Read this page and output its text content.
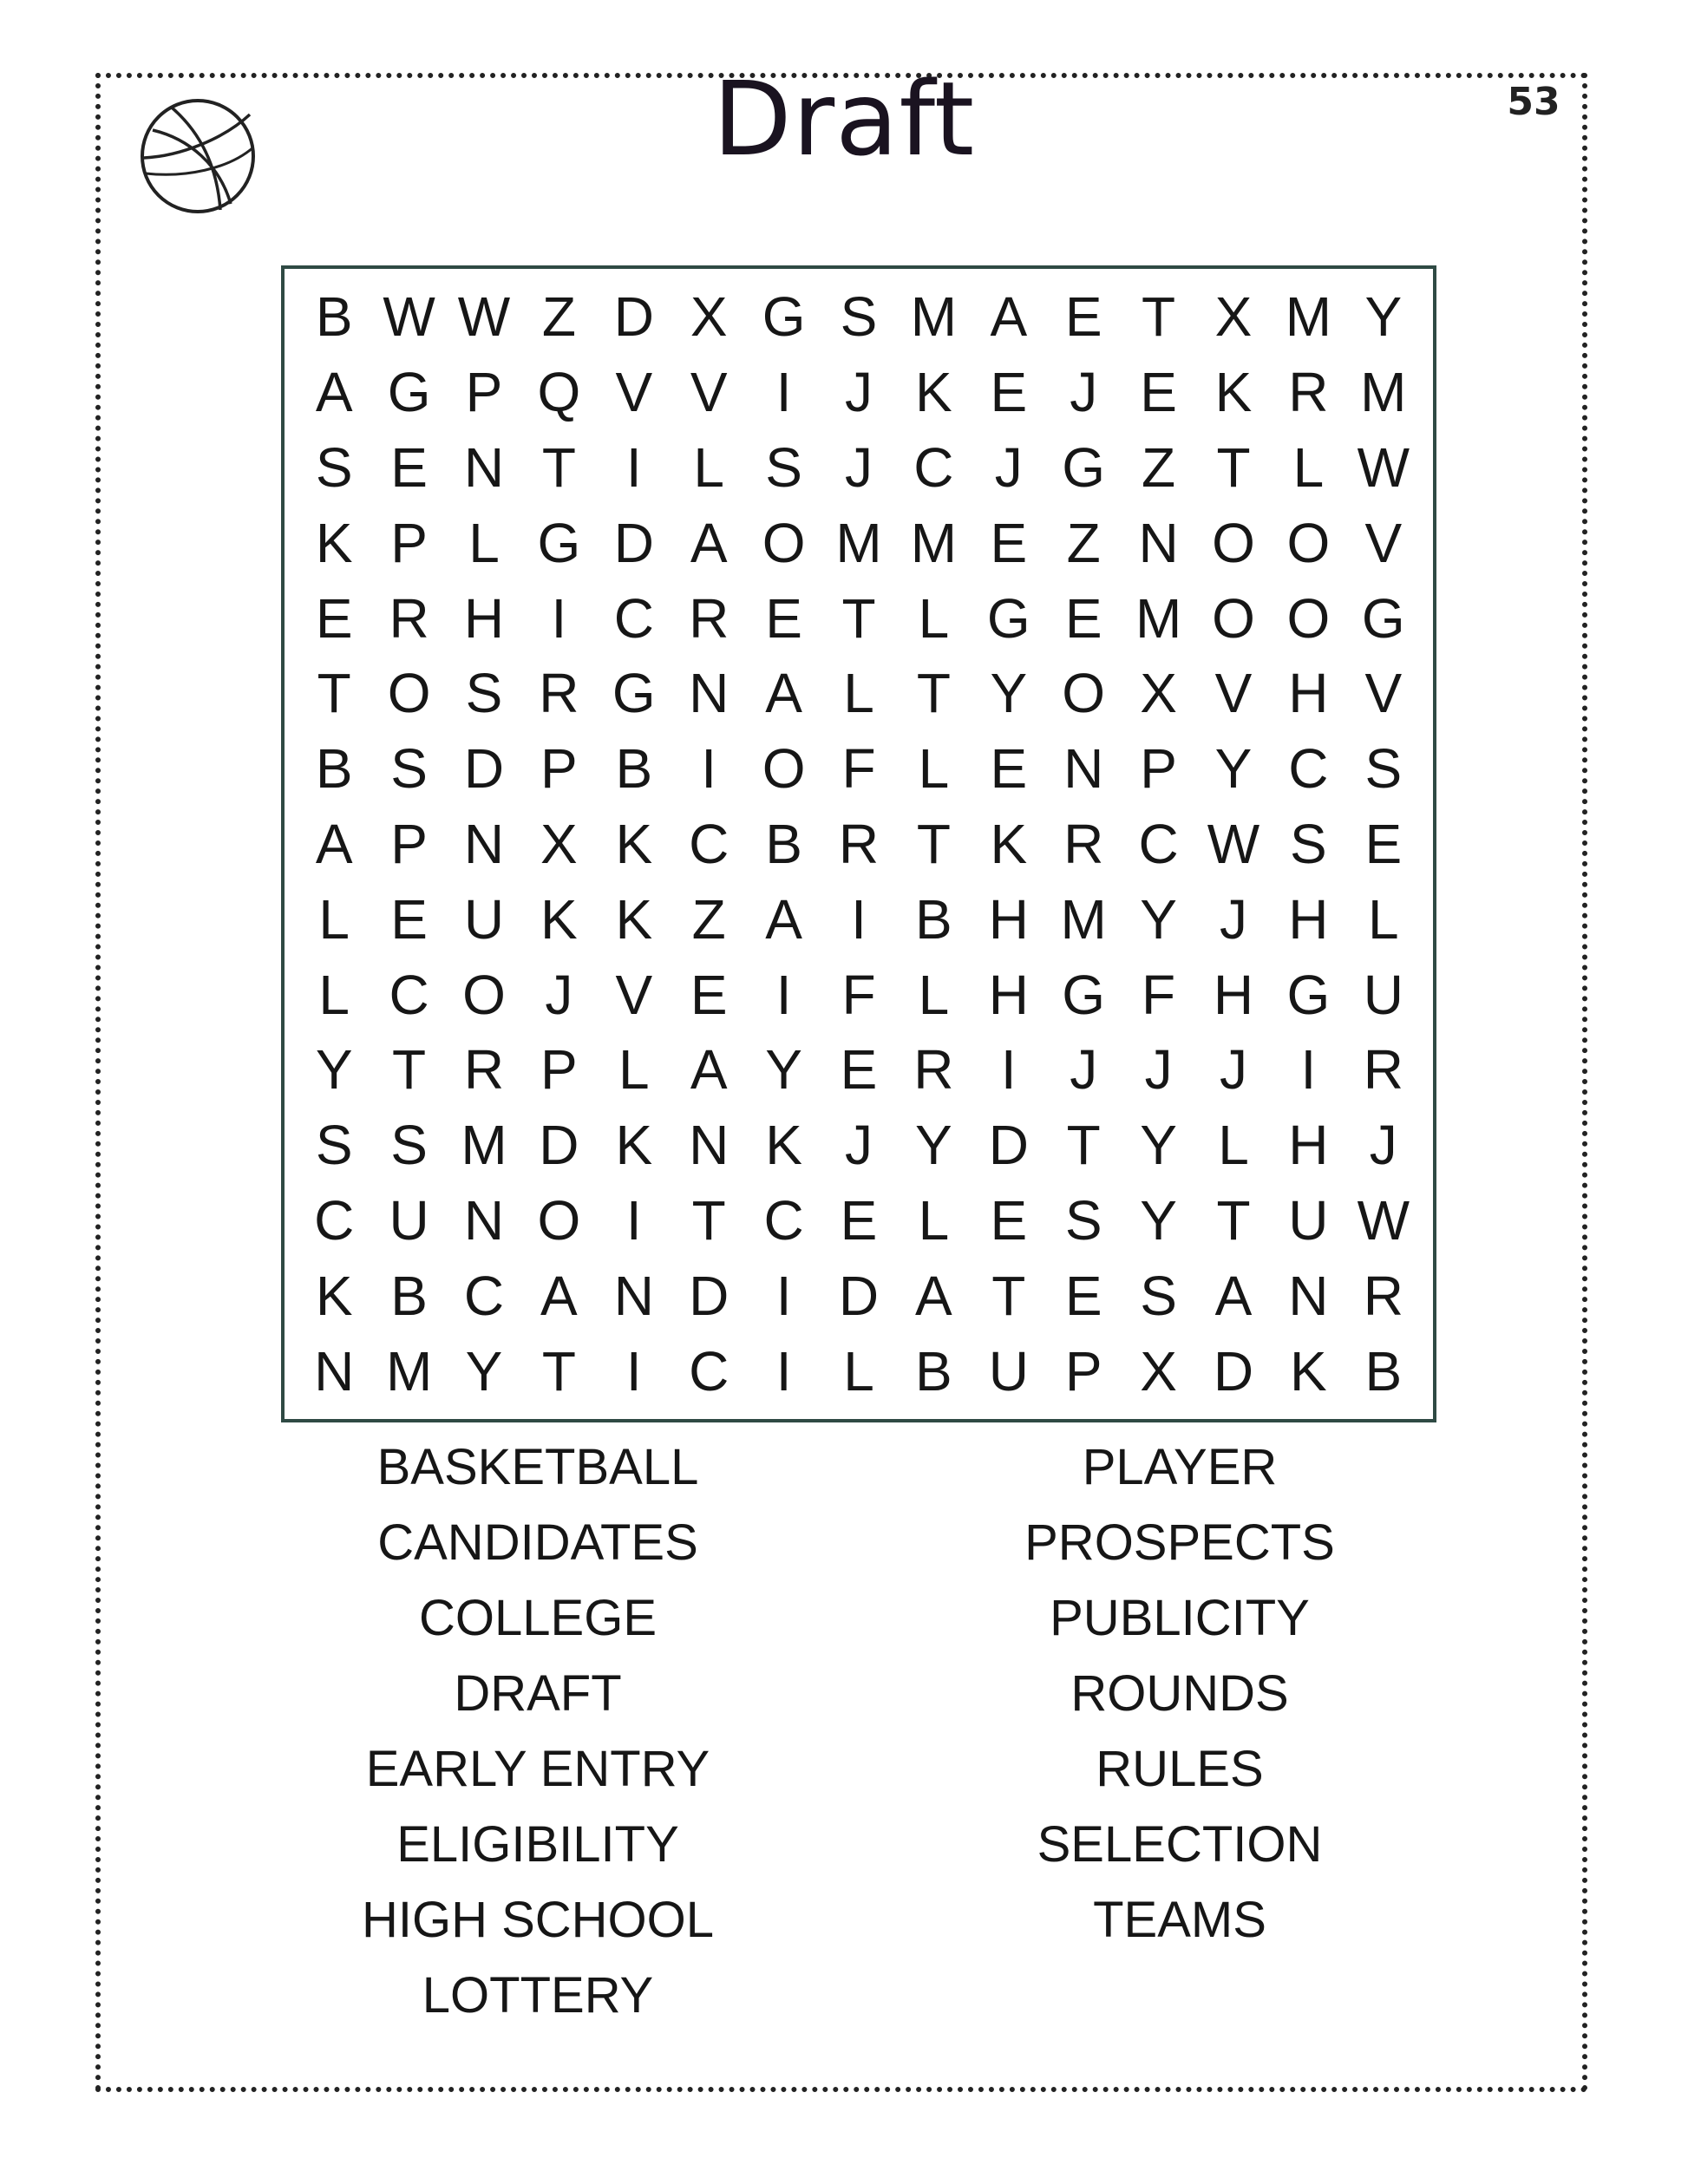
Draft	53
B W W Z D X G S M A E T X M Y
A G P Q V V I J K E J E K R M
S E N T I L S J C J G Z T L W
K P L G D A O M M E Z N O O V
E R H I C R E T L G E M O O G
T O S R G N A L T Y O X V H V
B S D P B I O F L E N P Y C S
A P N X K C B R T K R C W S E
L E U K K Z A I B H M Y J H L
L C O J V E I F L H G F H G U
Y T R P L A Y E R I J J J I R
S S M D K N K J Y D T Y L H J
C U N O I T C E L E S Y T U W
K B C A N D I D A T E S A N R
N M Y T I C I L B U P X D K B
BASKETBALL
CANDIDATES
COLLEGE
DRAFT
EARLY ENTRY
ELIGIBILITY
HIGH SCHOOL
LOTTERY
PLAYER
PROSPECTS
PUBLICITY
ROUNDS
RULES
SELECTION
TEAMS
